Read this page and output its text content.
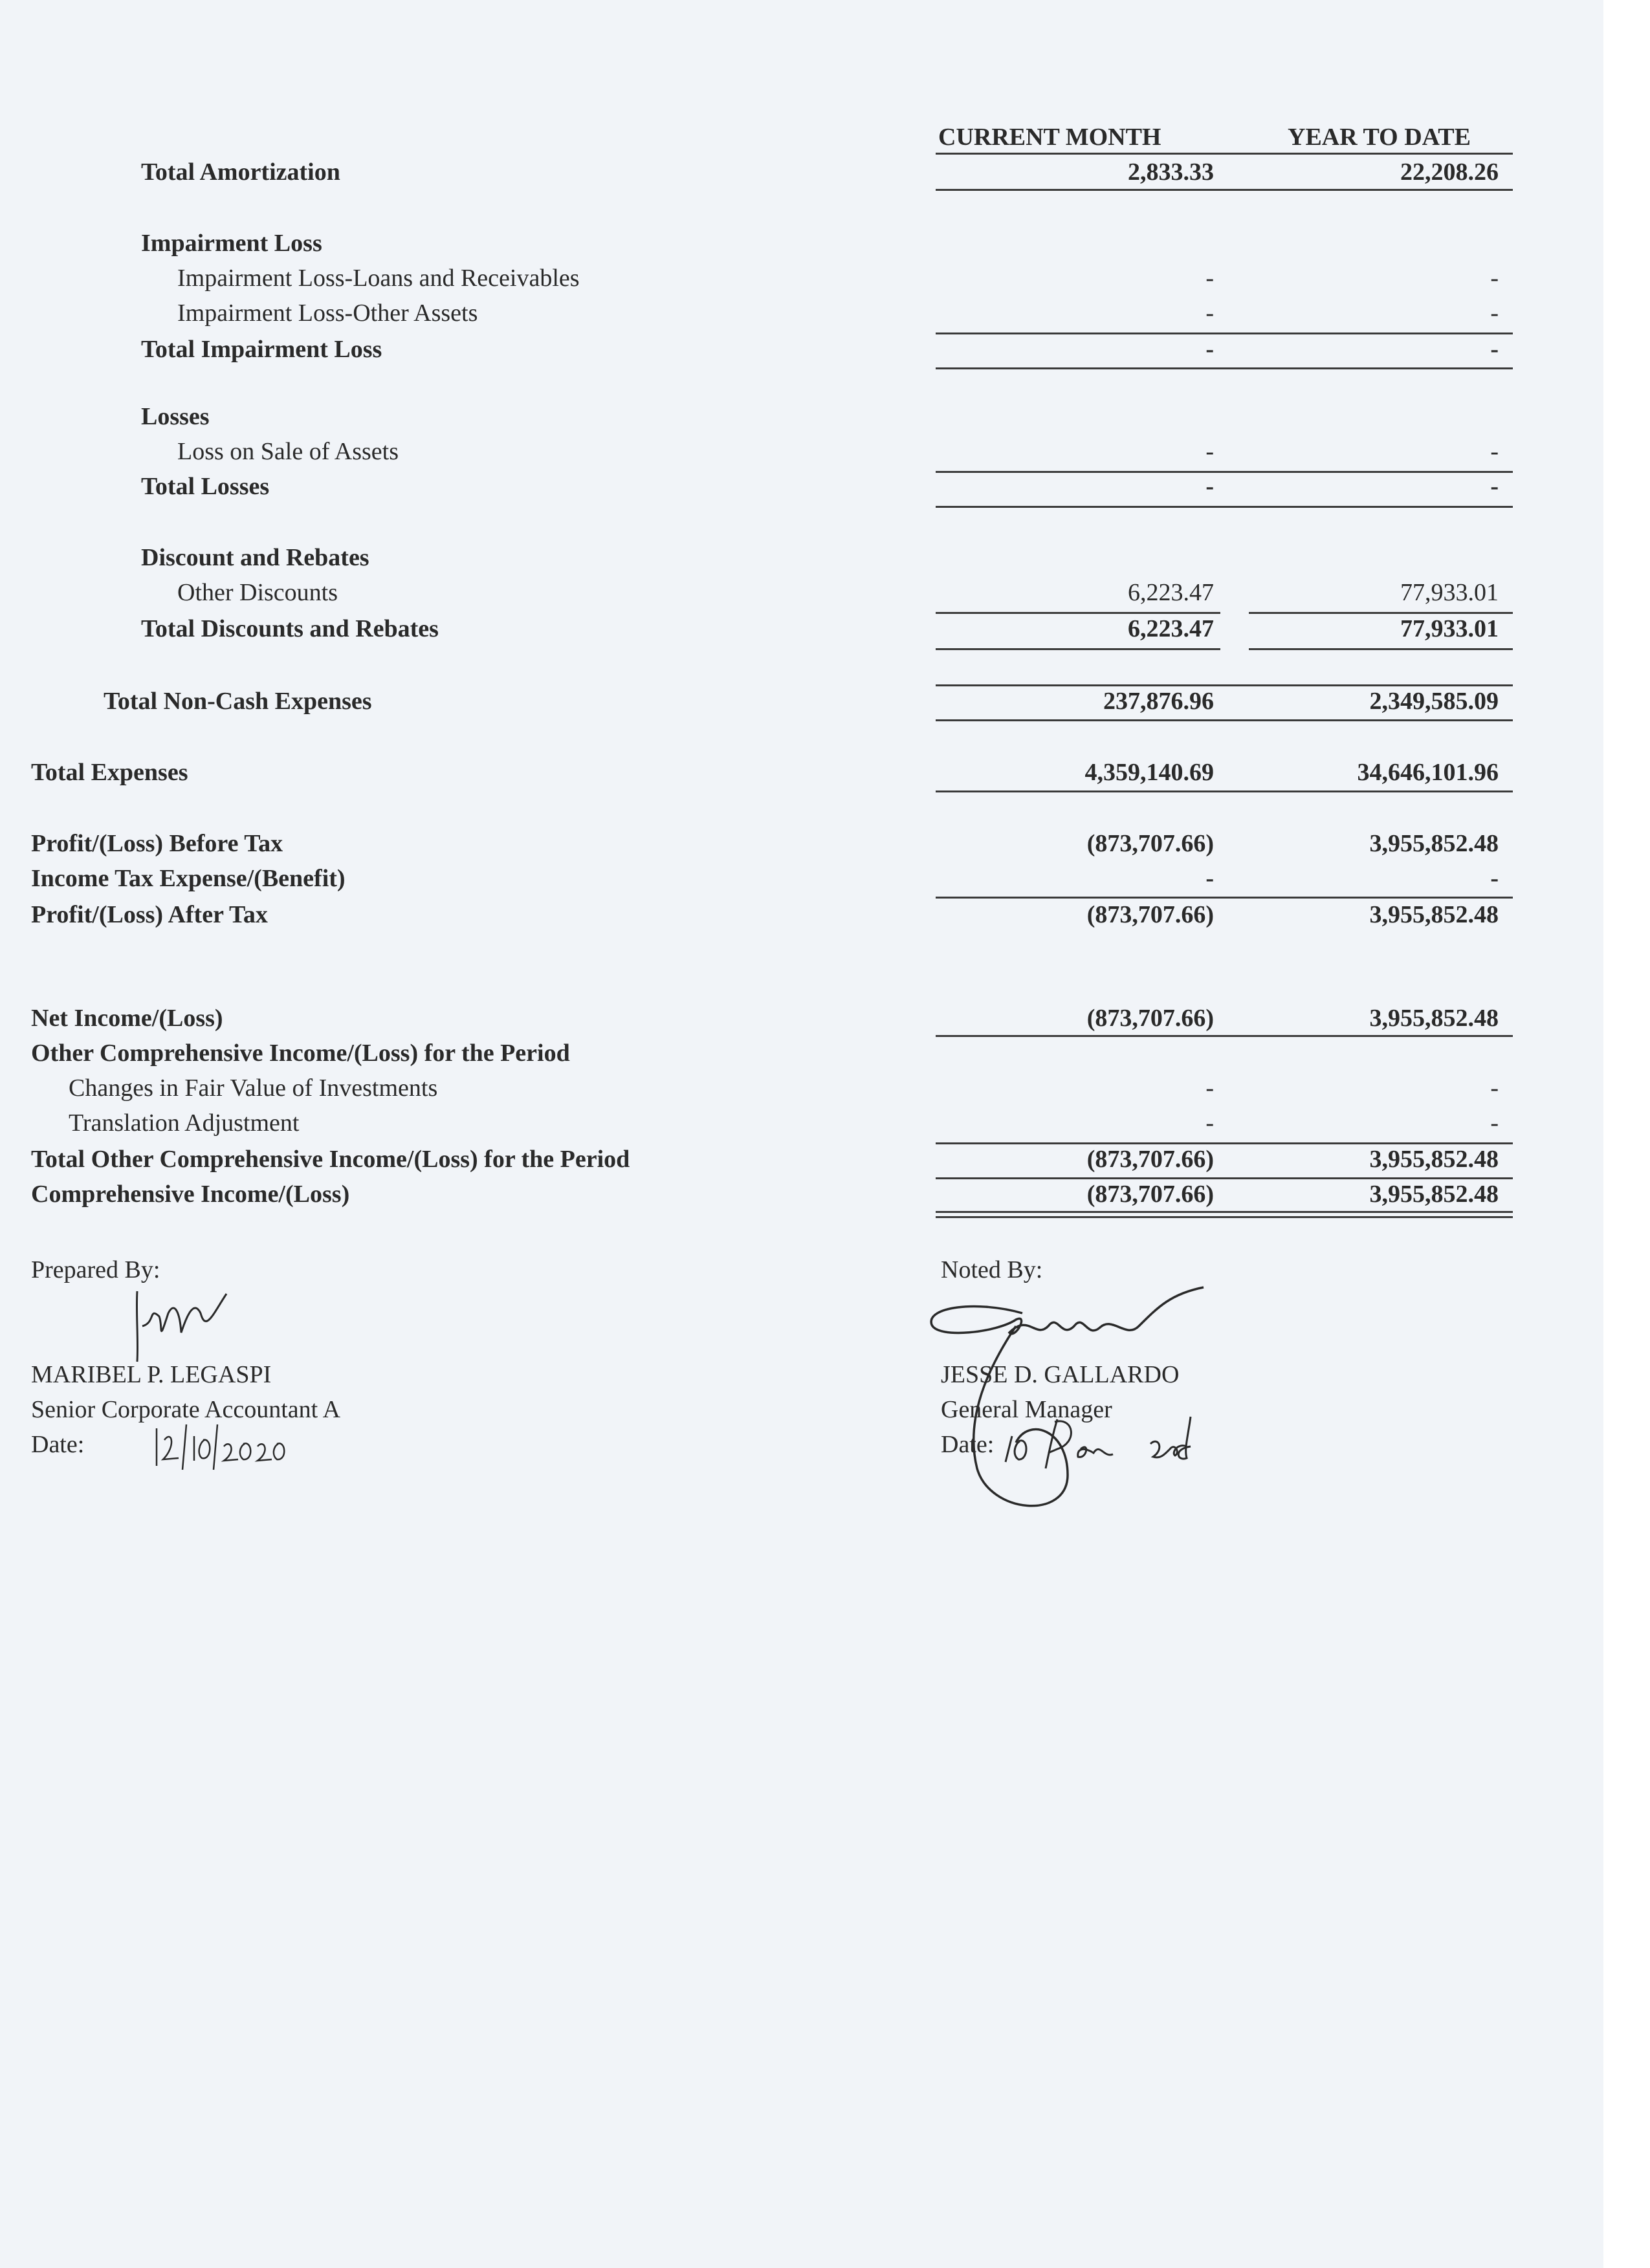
CURRENT MONTH	YEAR TO DATE
Total Amortization	2,833.33	22,208.26
Impairment Loss
Impairment Loss-Loans and Receivables	-	-
Impairment Loss-Other Assets	-	-
Total Impairment Loss	-	-
Losses
Loss on Sale of Assets	-	-
Total Losses	-	-
Discount and Rebates
Other Discounts	6,223.47	77,933.01
Total Discounts and Rebates	6,223.47	77,933.01
Total Non-Cash Expenses	237,876.96	2,349,585.09
Total Expenses	4,359,140.69	34,646,101.96
Profit/(Loss) Before Tax	(873,707.66)	3,955,852.48
Income Tax Expense/(Benefit)	-	-
Profit/(Loss) After Tax	(873,707.66)	3,955,852.48
Net Income/(Loss)	(873,707.66)	3,955,852.48
Other Comprehensive Income/(Loss) for the Period
Changes in Fair Value of Investments	-	-
Translation Adjustment	-	-
Total Other Comprehensive Income/(Loss) for the Period	(873,707.66)	3,955,852.48
Comprehensive Income/(Loss)	(873,707.66)	3,955,852.48
Prepared By:
MARIBEL P. LEGASPI
Senior Corporate Accountant A
Date:
Noted By:
JESSE D. GALLARDO
General Manager
Date:
